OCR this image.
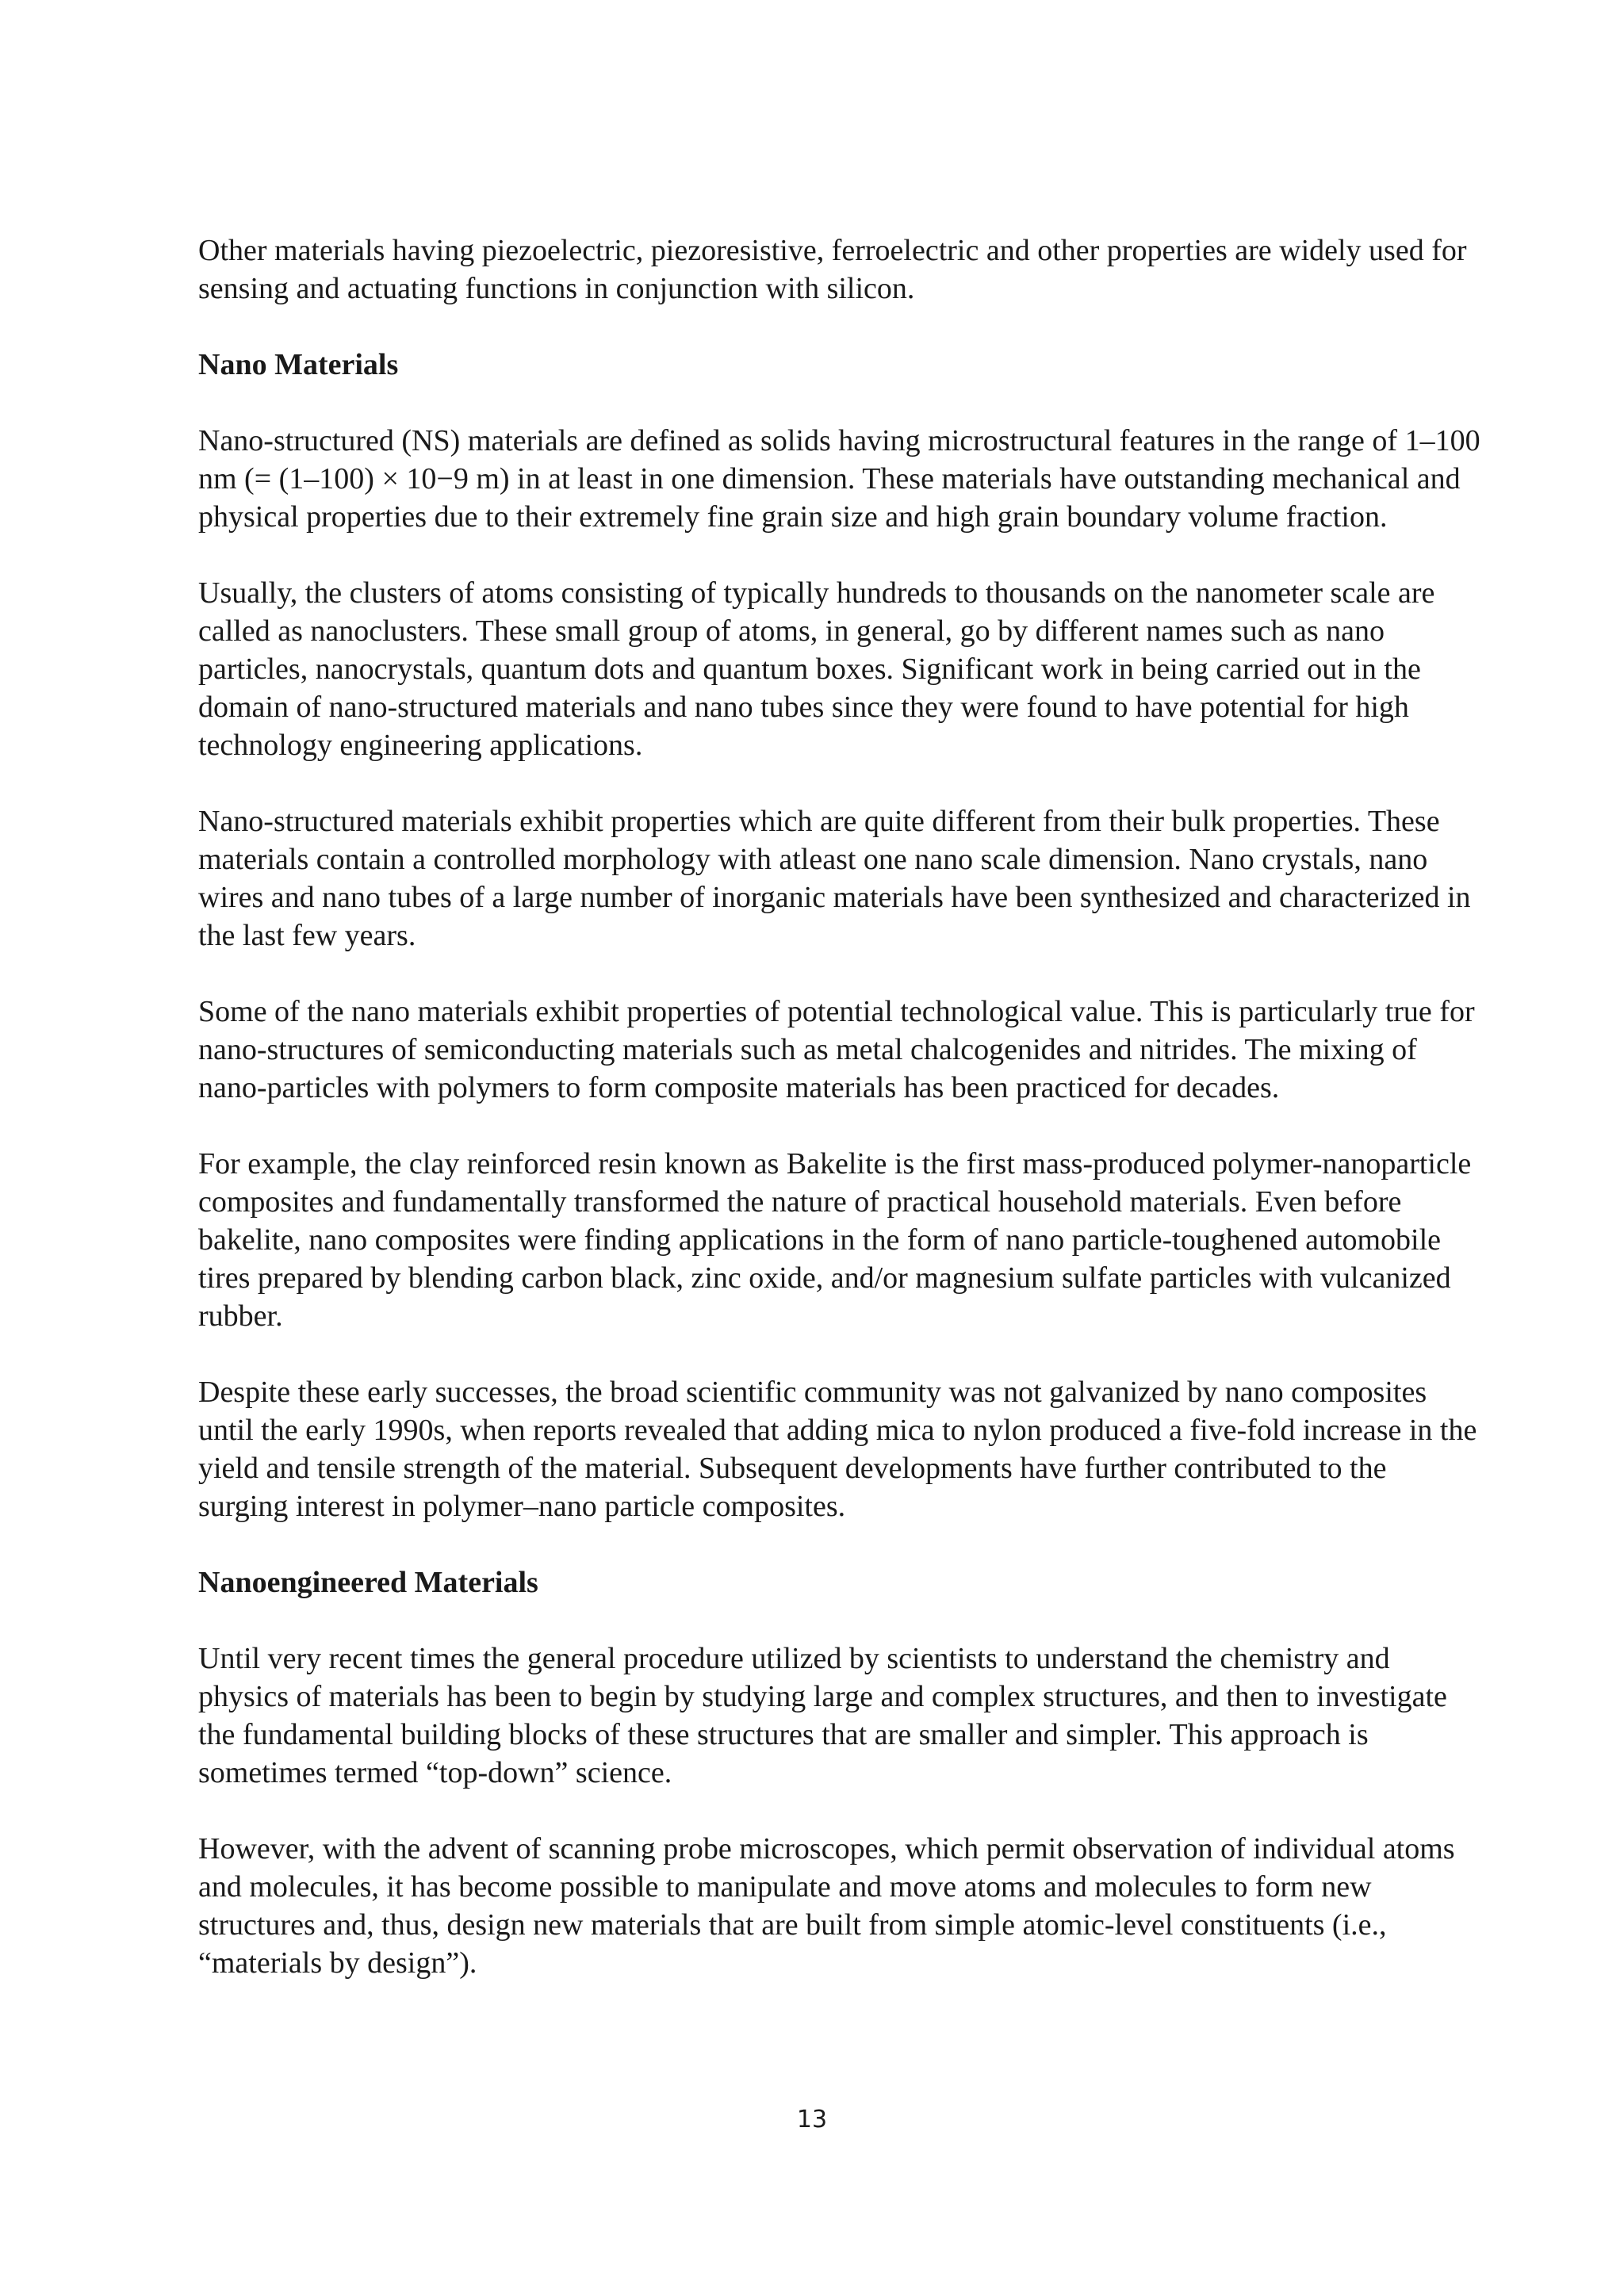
Other materials having piezoelectric, piezoresistive, ferroelectric and other properties are widely used for sensing and actuating functions in conjunction with silicon.

Nano Materials

Nano-structured (NS) materials are defined as solids having microstructural features in the range of 1–100 nm (= (1–100) × 10−9 m) in at least in one dimension. These materials have outstanding mechanical and physical properties due to their extremely fine grain size and high grain boundary volume fraction.

Usually, the clusters of atoms consisting of typically hundreds to thousands on the nanometer scale are called as nanoclusters. These small group of atoms, in general, go by different names such as nano particles, nanocrystals, quantum dots and quantum boxes. Significant work in being carried out in the domain of nano-structured materials and nano tubes since they were found to have potential for high technology engineering applications.

Nano-structured materials exhibit properties which are quite different from their bulk properties. These materials contain a controlled morphology with atleast one nano scale dimension. Nano crystals, nano wires and nano tubes of a large number of inorganic materials have been synthesized and characterized in the last few years.

Some of the nano materials exhibit properties of potential technological value. This is particularly true for nano-structures of semiconducting materials such as metal chalcogenides and nitrides. The mixing of nano-particles with polymers to form composite materials has been practiced for decades.

For example, the clay reinforced resin known as Bakelite is the first mass-produced polymer-nanoparticle composites and fundamentally transformed the nature of practical household materials. Even before bakelite, nano composites were finding applications in the form of nano particle-toughened automobile tires prepared by blending carbon black, zinc oxide, and/or magnesium sulfate particles with vulcanized rubber.

Despite these early successes, the broad scientific community was not galvanized by nano composites until the early 1990s, when reports revealed that adding mica to nylon produced a five-fold increase in the yield and tensile strength of the material. Subsequent developments have further contributed to the surging interest in polymer–nano particle composites.

Nanoengineered Materials

Until very recent times the general procedure utilized by scientists to understand the chemistry and physics of materials has been to begin by studying large and complex structures, and then to investigate the fundamental building blocks of these structures that are smaller and simpler. This approach is sometimes termed “top-down” science.

However, with the advent of scanning probe microscopes, which permit observation of individual atoms and molecules, it has become possible to manipulate and move atoms and molecules to form new structures and, thus, design new materials that are built from simple atomic-level constituents (i.e., “materials by design”).

13
